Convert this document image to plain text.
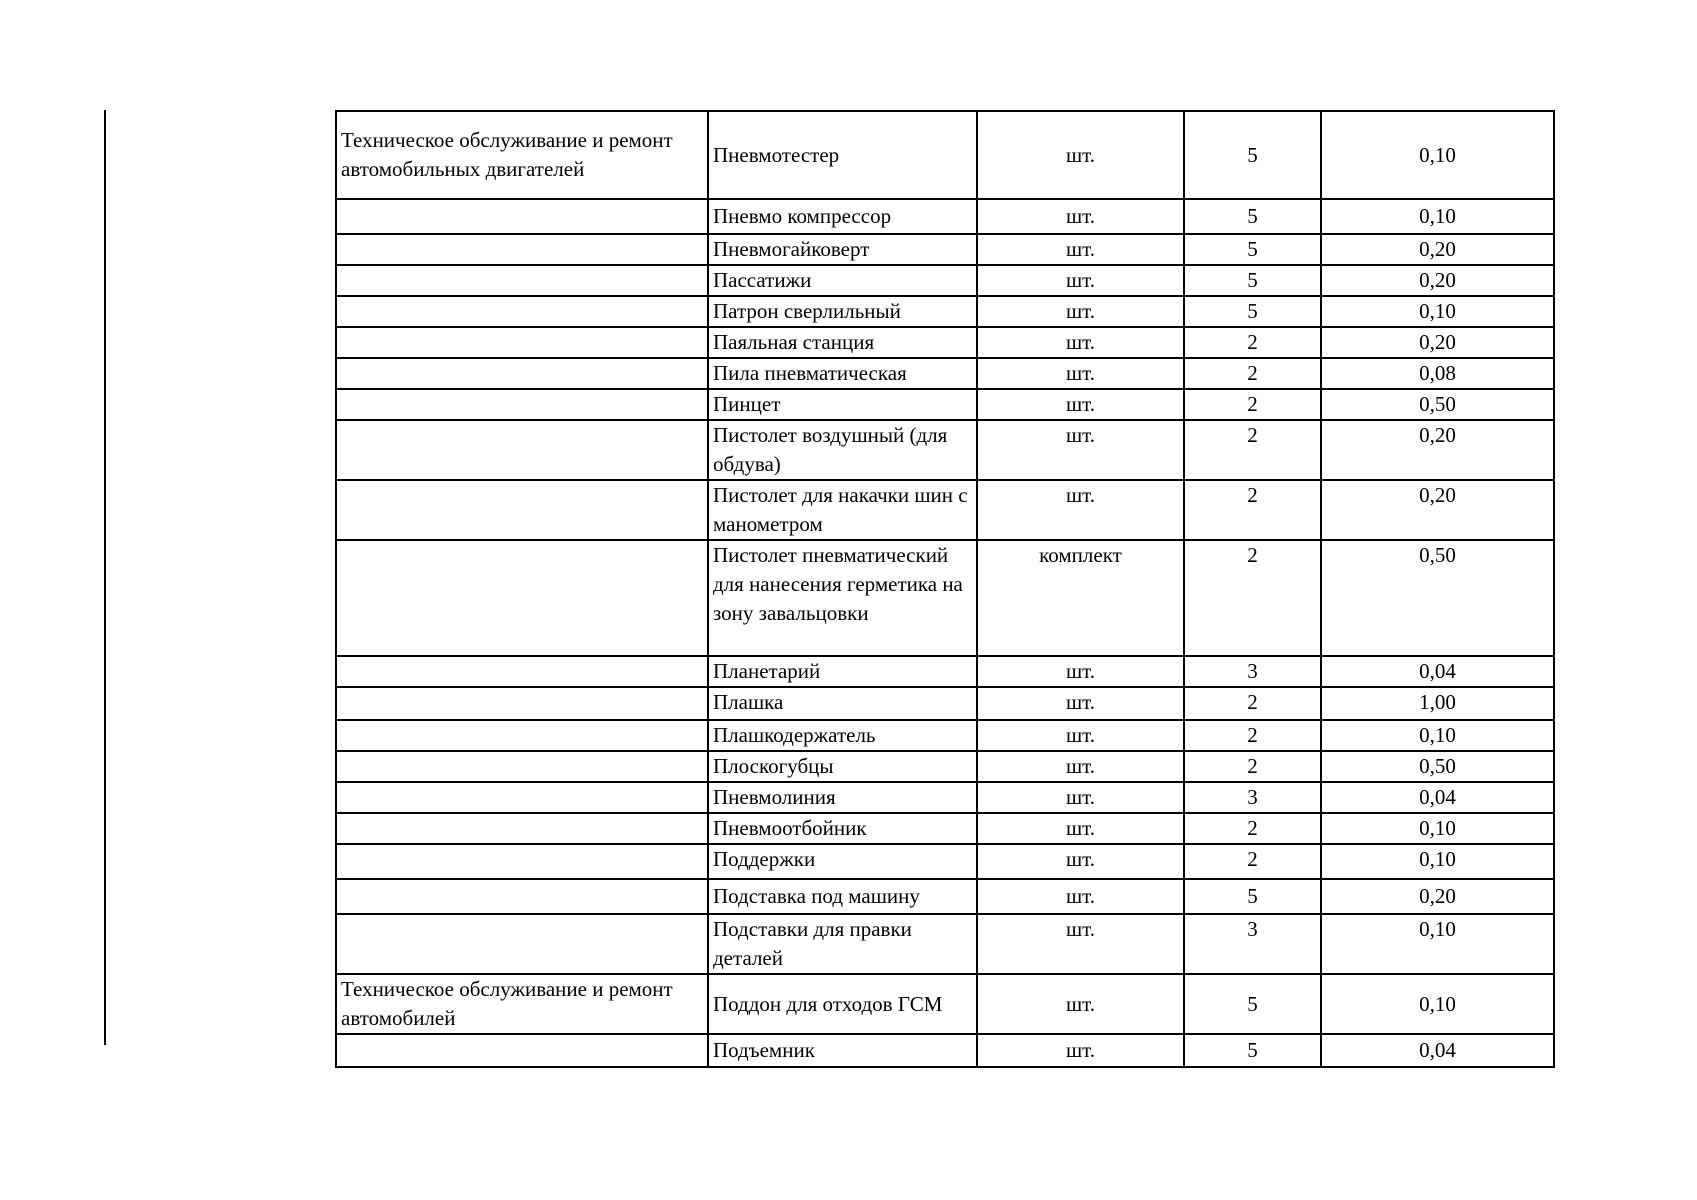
Техническое обслуживание и ремонт автомобильных двигателей	Пневмотестер	шт.	5	0,10
	Пневмо компрессор	шт.	5	0,10
	Пневмогайковерт	шт.	5	0,20
	Пассатижи	шт.	5	0,20
	Патрон сверлильный	шт.	5	0,10
	Паяльная станция	шт.	2	0,20
	Пила пневматическая	шт.	2	0,08
	Пинцет	шт.	2	0,50
	Пистолет воздушный (для обдува)	шт.	2	0,20
	Пистолет для накачки шин с манометром	шт.	2	0,20
	Пистолет пневматический для нанесения герметика на зону завальцовки	комплект	2	0,50
	Планетарий	шт.	3	0,04
	Плашка	шт.	2	1,00
	Плашкодержатель	шт.	2	0,10
	Плоскогубцы	шт.	2	0,50
	Пневмолиния	шт.	3	0,04
	Пневмоотбойник	шт.	2	0,10
	Поддержки	шт.	2	0,10
	Подставка под машину	шт.	5	0,20
	Подставки для правки деталей	шт.	3	0,10
Техническое обслуживание и ремонт автомобилей	Поддон для отходов ГСМ	шт.	5	0,10
	Подъемник	шт.	5	0,04
